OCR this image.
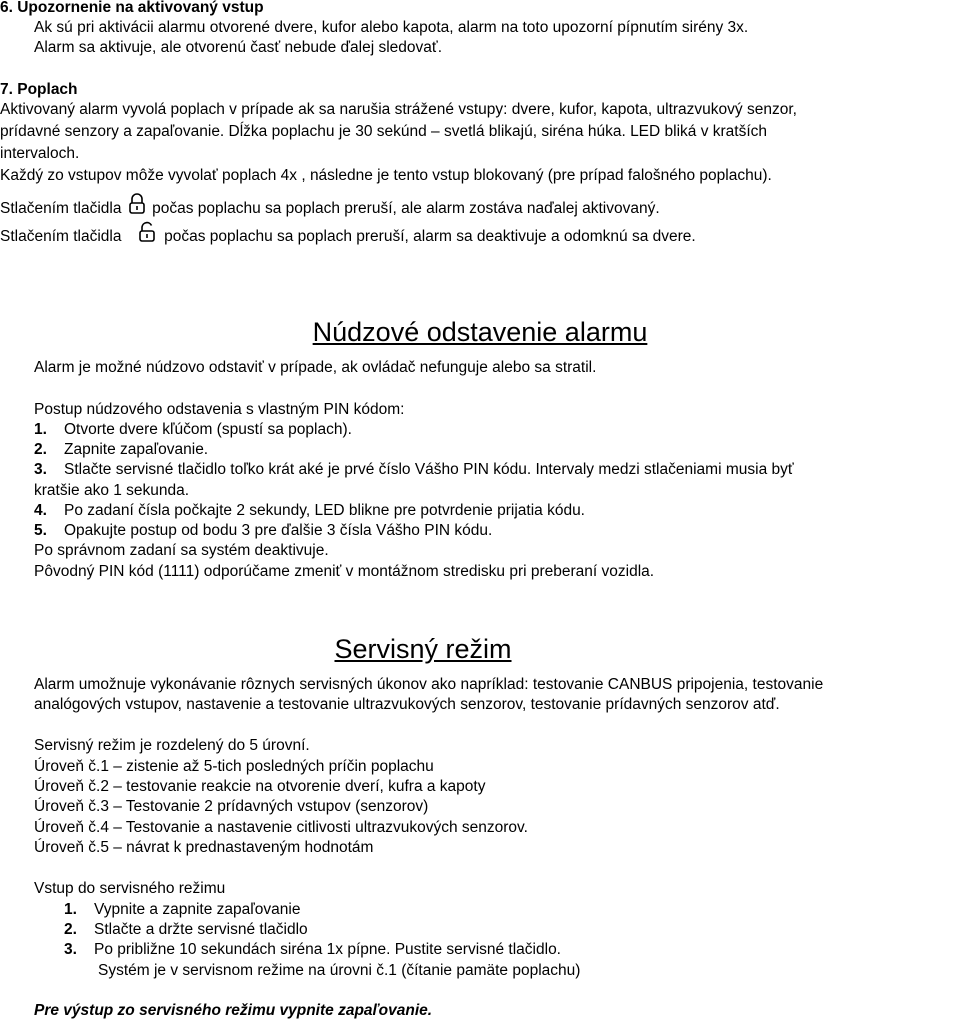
6. Upozornenie na aktivovaný vstup
Ak sú pri aktivácii alarmu otvorené dvere, kufor alebo kapota, alarm na toto upozorní pípnutím sirény 3x.
Alarm sa aktivuje, ale otvorenú časť nebude ďalej sledovať.
7. Poplach
Aktivovaný alarm vyvolá poplach v prípade ak sa narušia strážené vstupy: dvere, kufor, kapota, ultrazvukový senzor,
prídavné senzory a zapaľovanie. Dĺžka poplachu je 30 sekúnd – svetlá blikajú, siréna húka. LED bliká v kratších
intervaloch.
Každý zo vstupov môže vyvolať poplach 4x , následne je tento vstup blokovaný (pre prípad falošného poplachu).
Stlačením tlačidla počas poplachu sa poplach preruší, ale alarm zostáva naďalej aktivovaný.
Stlačením tlačidla	počas poplachu sa poplach preruší, alarm sa deaktivuje a odomknú sa dvere.
Núdzové odstavenie alarmu
Alarm je možné núdzovo odstaviť v prípade, ak ovládač nefunguje alebo sa stratil.
Postup núdzového odstavenia s vlastným PIN kódom:
1. Otvorte dvere kľúčom (spustí sa poplach).
2. Zapnite zapaľovanie.
3. Stlačte servisné tlačidlo toľko krát aké je prvé číslo Vášho PIN kódu. Intervaly medzi stlačeniami musia byť
kratšie ako 1 sekunda.
4. Po zadaní čísla počkajte 2 sekundy, LED blikne pre potvrdenie prijatia kódu.
5. Opakujte postup od bodu 3 pre ďalšie 3 čísla Vášho PIN kódu.
Po správnom zadaní sa systém deaktivuje.
Pôvodný PIN kód (1111) odporúčame zmeniť v montážnom stredisku pri preberaní vozidla.
Servisný režim
Alarm umožnuje vykonávanie rôznych servisných úkonov ako napríklad: testovanie CANBUS pripojenia, testovanie
analógových vstupov, nastavenie a testovanie ultrazvukových senzorov, testovanie prídavných senzorov atď.
Servisný režim je rozdelený do 5 úrovní.
Úroveň č.1 – zistenie až 5-tich posledných príčin poplachu
Úroveň č.2 – testovanie reakcie na otvorenie dverí, kufra a kapoty
Úroveň č.3 – Testovanie 2 prídavných vstupov (senzorov)
Úroveň č.4 – Testovanie a nastavenie citlivosti ultrazvukových senzorov.
Úroveň č.5 – návrat k prednastaveným hodnotám
Vstup do servisného režimu
1. Vypnite a zapnite zapaľovanie
2. Stlačte a držte servisné tlačidlo
3. Po približne 10 sekundách siréna 1x pípne. Pustite servisné tlačidlo.
Systém je v servisnom režime na úrovni č.1 (čítanie pamäte poplachu)
Pre výstup zo servisného režimu vypnite zapaľovanie.
